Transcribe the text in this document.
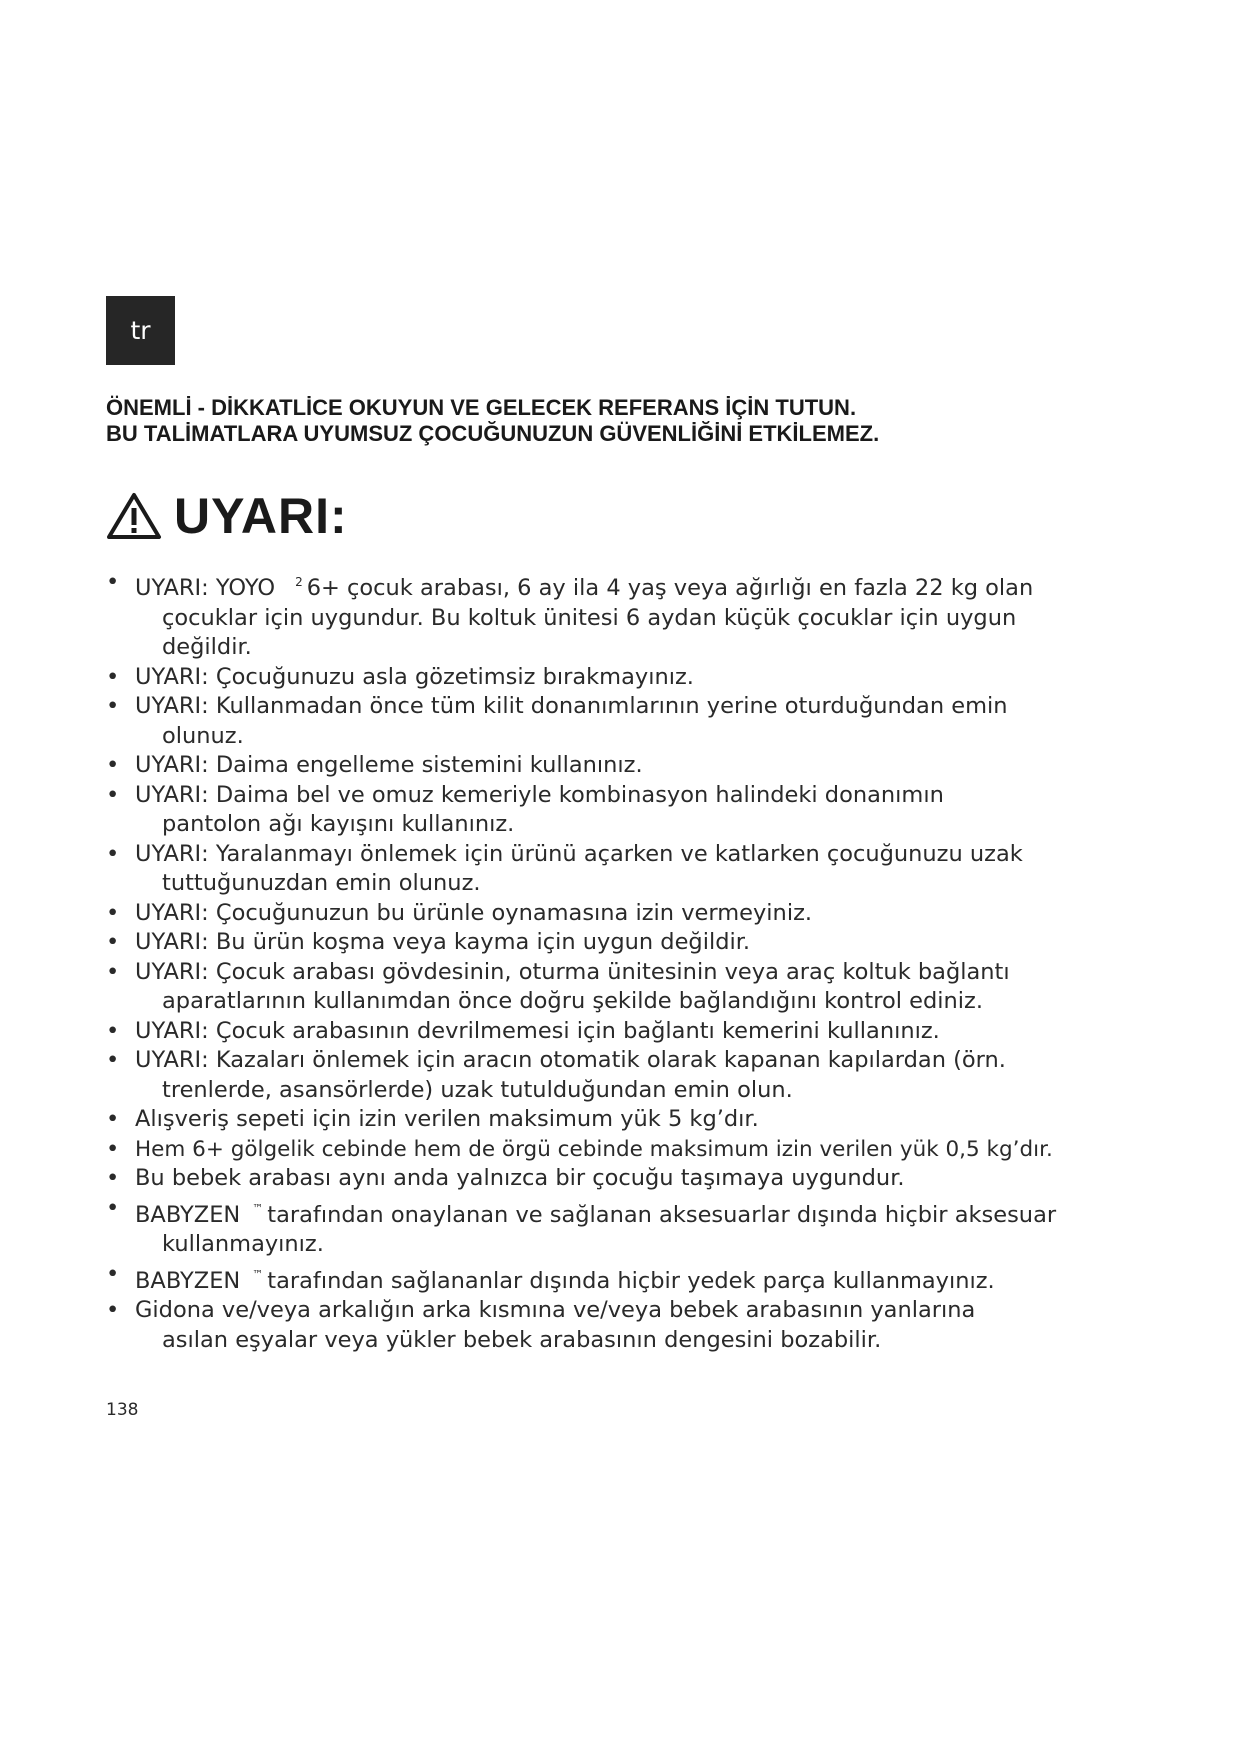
tr
ÖNEMLİ - DİKKATLİCE OKUYUN VE GELECEK REFERANS İÇİN TUTUN.
BU TALİMATLARA UYUMSUZ ÇOCUĞUNUZUN GÜVENLİĞİNİ ETKİLEMEZ.
UYARI:
• UYARI: YOYO $^2$ 6+ çocuk arabası, 6 ay ila 4 yaş veya ağırlığı en fazla 22 kg olan
çocuklar için uygundur. Bu koltuk ünitesi 6 aydan küçük çocuklar için uygun
değildir.
• UYARI: Çocuğunuzu asla gözetimsiz bırakmayınız.
• UYARI: Kullanmadan önce tüm kilit donanımlarının yerine oturduğundan emin
olunuz.
• UYARI: Daima engelleme sistemini kullanınız.
• UYARI: Daima bel ve omuz kemeriyle kombinasyon halindeki donanımın
pantolon ağı kayışını kullanınız.
• UYARI: Yaralanmayı önlemek için ürünü açarken ve katlarken çocuğunuzu uzak
tuttuğunuzdan emin olunuz.
• UYARI: Çocuğunuzun bu ürünle oynamasına izin vermeyiniz.
• UYARI: Bu ürün koşma veya kayma için uygun değildir.
• UYARI: Çocuk arabası gövdesinin, oturma ünitesinin veya araç koltuk bağlantı
aparatlarının kullanımdan önce doğru şekilde bağlandığını kontrol ediniz.
• UYARI: Çocuk arabasının devrilmemesi için bağlantı kemerini kullanınız.
• UYARI: Kazaları önlemek için aracın otomatik olarak kapanan kapılardan (örn.
trenlerde, asansörlerde) uzak tutulduğundan emin olun.
• Alışveriş sepeti için izin verilen maksimum yük 5 kg’dır.
• Hem 6+ gölgelik cebinde hem de örgü cebinde maksimum izin verilen yük 0,5 kg’dır.
• Bu bebek arabası aynı anda yalnızca bir çocuğu taşımaya uygundur.
• BABYZEN ™ tarafından onaylanan ve sağlanan aksesuarlar dışında hiçbir aksesuar
kullanmayınız.
• BABYZEN ™ tarafından sağlananlar dışında hiçbir yedek parça kullanmayınız.
• Gidona ve/veya arkalığın arka kısmına ve/veya bebek arabasının yanlarına
asılan eşyalar veya yükler bebek arabasının dengesini bozabilir.
138
